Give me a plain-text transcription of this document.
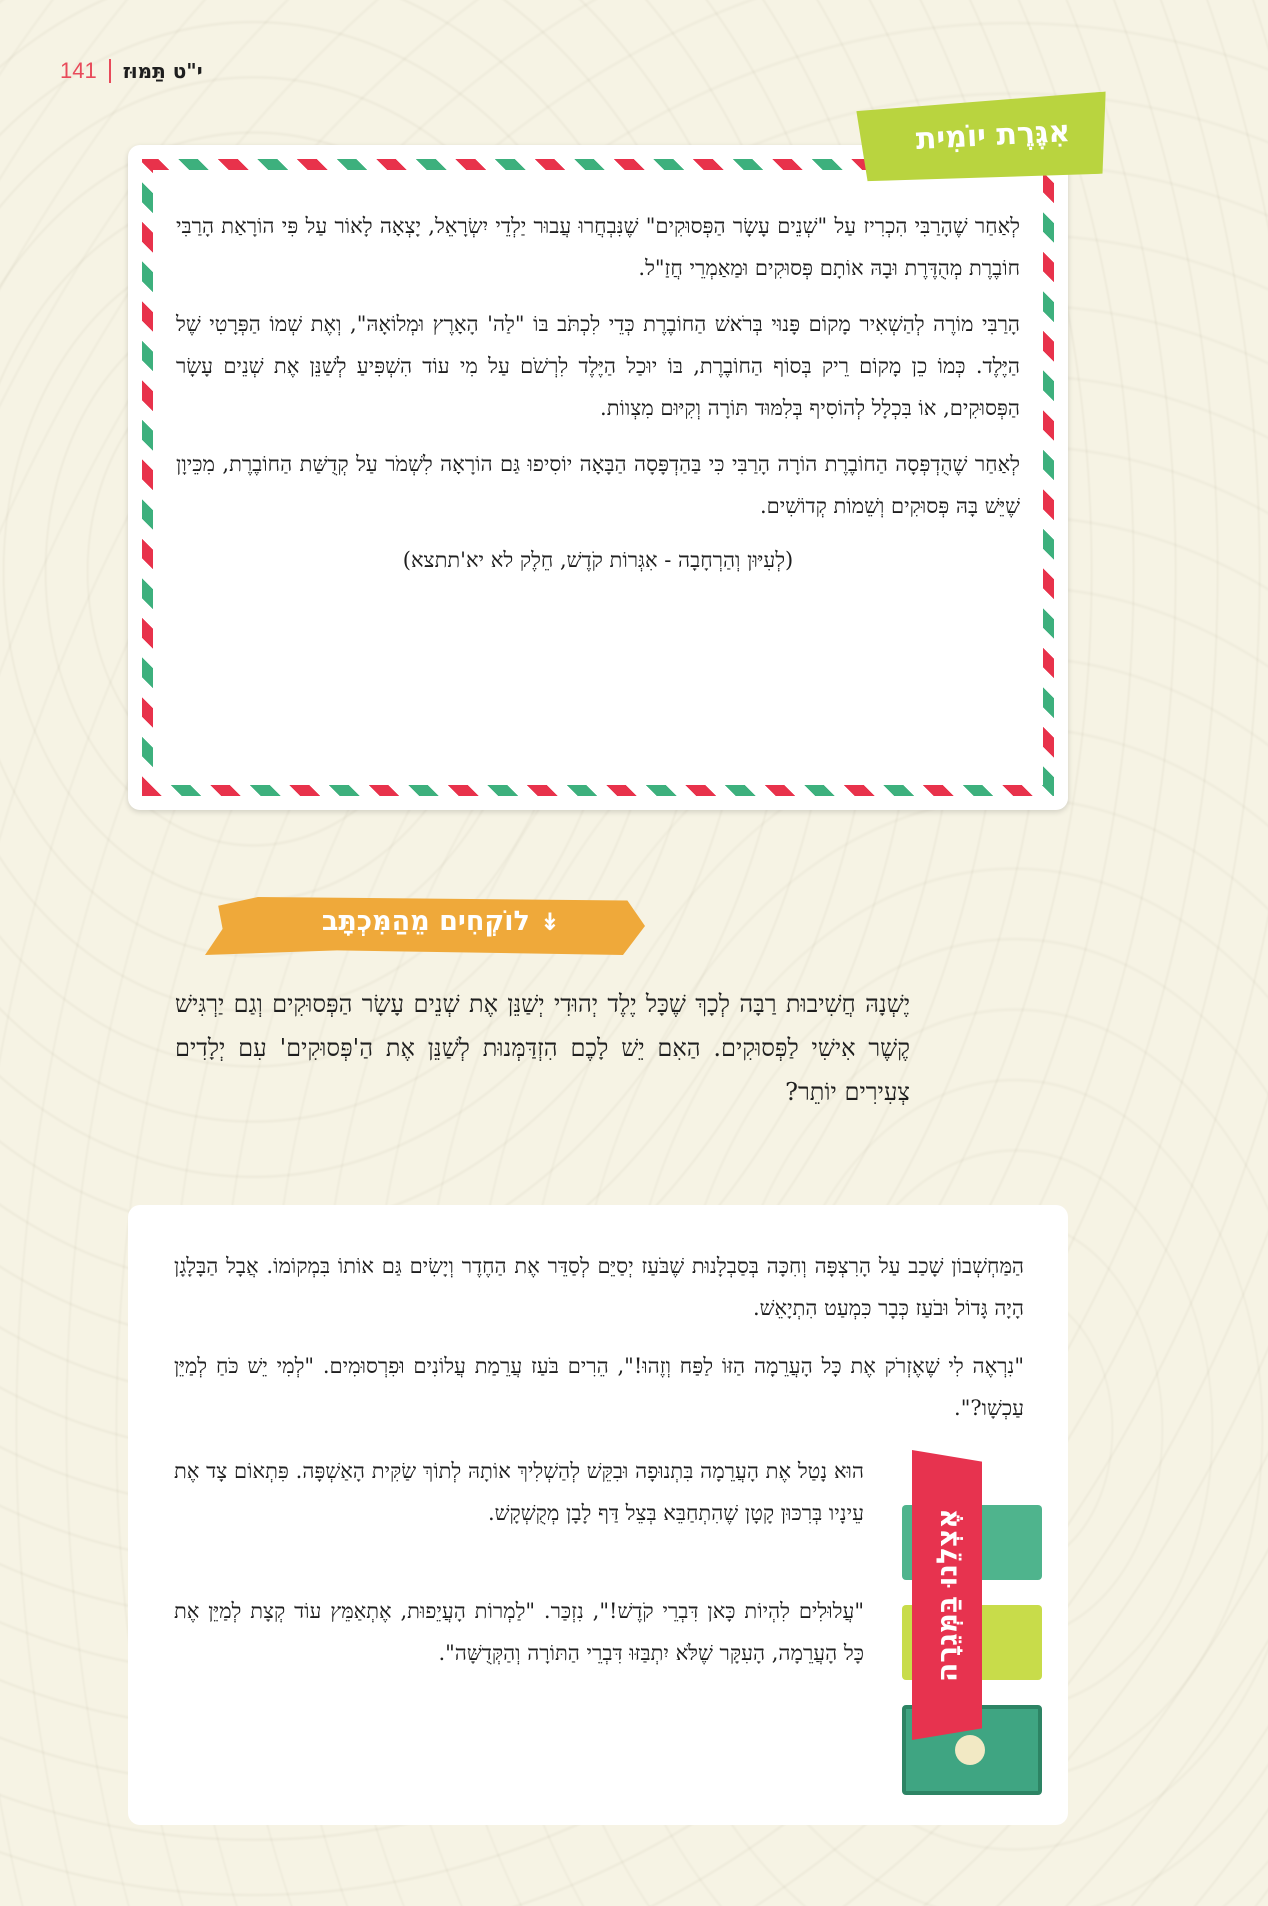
141 י"ט תַּמּוּז

לְאַחַר שֶׁהָרַבִּי הִכְרִיז עַל "שְׁנֵים עָשָׂר הַפְּסוּקִים" שֶׁנִּבְחֲרוּ עֲבוּר יַלְדֵי יִשְׂרָאֵל, יָצְאָה לָאוֹר עַל פִּי הוֹרָאַת הָרַבִּי חוֹבֶרֶת מְהֻדֶּרֶת וּבָהּ אוֹתָם פְּסוּקִים וּמַאַמְרֵי חֲזַ"ל.

הָרַבִּי מוֹרֶה לְהַשְׁאִיר מָקוֹם פָּנוּי בְּרֹאשׁ הַחוֹבֶרֶת כְּדֵי לִכְתֹּב בּוֹ "לַה' הָאָרֶץ וּמְלוֹאָהּ", וְאֶת שְׁמוֹ הַפְּרָטִי שֶׁל הַיֶּלֶד. כְּמוֹ כֵן מָקוֹם רֵיק בְּסוֹף הַחוֹבֶרֶת, בּוֹ יוּכַל הַיֶּלֶד לִרְשֹׁם עַל מִי עוֹד הִשְׁפִּיעַ לְשַׁנֵּן אֶת שְׁנֵים עָשָׂר הַפְּסוּקִים, אוֹ בִּכְלָל לְהוֹסִיף בְּלִמּוּד תּוֹרָה וְקִיּוּם מִצְווֹת.

לְאַחַר שֶׁהֻדְפְּסָה הַחוֹבֶרֶת הוֹרָה הָרַבִּי כִּי בַּהַדְפָּסָה הַבָּאָה יוֹסִיפוּ גַּם הוֹרָאָה לִשְׁמֹר עַל קְדֻשַּׁת הַחוֹבֶרֶת, מִכֵּיוָן שֶׁיֵּשׁ בָּהּ פְּסוּקִים וְשֵׁמוֹת קְדוֹשִׁים.

(לְעִיּוּן וְהַרְחָבָה - אִגְּרוֹת קֹדֶשׁ, חֵלֶק לא יא'תתצא)

אִגֶּרֶת יוֹמִית
↡
לוֹקְחִים מֵהַמִּכְתָּב

יֶשְׁנָהּ חֲשִׁיבוּת רַבָּה לְכָךְ שֶׁכָּל יֶלֶד יְהוּדִי יְשַׁנֵּן אֶת שְׁנֵים עָשָׂר הַפְּסוּקִים וְגַם יַרְגִּישׁ קֶשֶׁר אִישִׁי לַפְּסוּקִים. הַאִם יֵשׁ לָכֶם הִזְדַּמְּנוּת לְשַׁנֵּן אֶת הַ'פְּסוּקִים' עִם יְלָדִים צְעִירִים יוֹתֵר?

הַמַּחְשְׁבוֹן שָׁכַב עַל הָרִצְפָּה וְחִכָּה בְּסַבְלָנוּת שֶׁבֹּעַז יְסַיֵּם לְסַדֵּר אֶת הַחֶדֶר וְיָשִׂים גַּם אוֹתוֹ בִּמְקוֹמוֹ. אֲבָל הַבָּלָגָן הָיָה גָּדוֹל וּבֹעַז כְּבָר כִּמְעַט הִתְיָאֵשׁ.

"נִרְאֶה לִי שֶׁאֶזְרֹק אֶת כָּל הָעֲרֵמָה הַזּוֹ לַפַּח וְזֶהוּ!", הֵרִים בֹּעַז עֲרֵמַת עֲלוֹנִים וּפִרְסוּמִים. "לְמִי יֵשׁ כֹּחַ לְמַיֵּן עַכְשָׁו?".

הוּא נָטַל אֶת הָעֲרֵמָה בִּתְנוּפָה וּבִקֵּשׁ לְהַשְׁלִיךְ אוֹתָהּ לְתוֹךְ שַׂקִּית הָאַשְׁפָּה. פִּתְאוֹם צָד אֶת עֵינָיו בְּרִכּוּן קָטָן שֶׁהִתְחַבֵּא בְּצֵל דַּף לָבָן מְקֻשְׁקָשׁ.

"עֲלוּלִים לִהְיוֹת כָּאן דִּבְרֵי קֹדֶשׁ!", נִזְכַּר. "לַמְרוֹת הָעֲיֵפוּת, אֶתְאַמֵּץ עוֹד קְצָת לְמַיֵּן אֶת כָּל הָעֲרֵמָה, הָעִקָּר שֶׁלֹּא יִתְבַּזּוּ דִּבְרֵי הַתּוֹרָה וְהַקְּדֻשָּׁה".	אֶצְלֵנוּ בַּמְּגֵרָה
